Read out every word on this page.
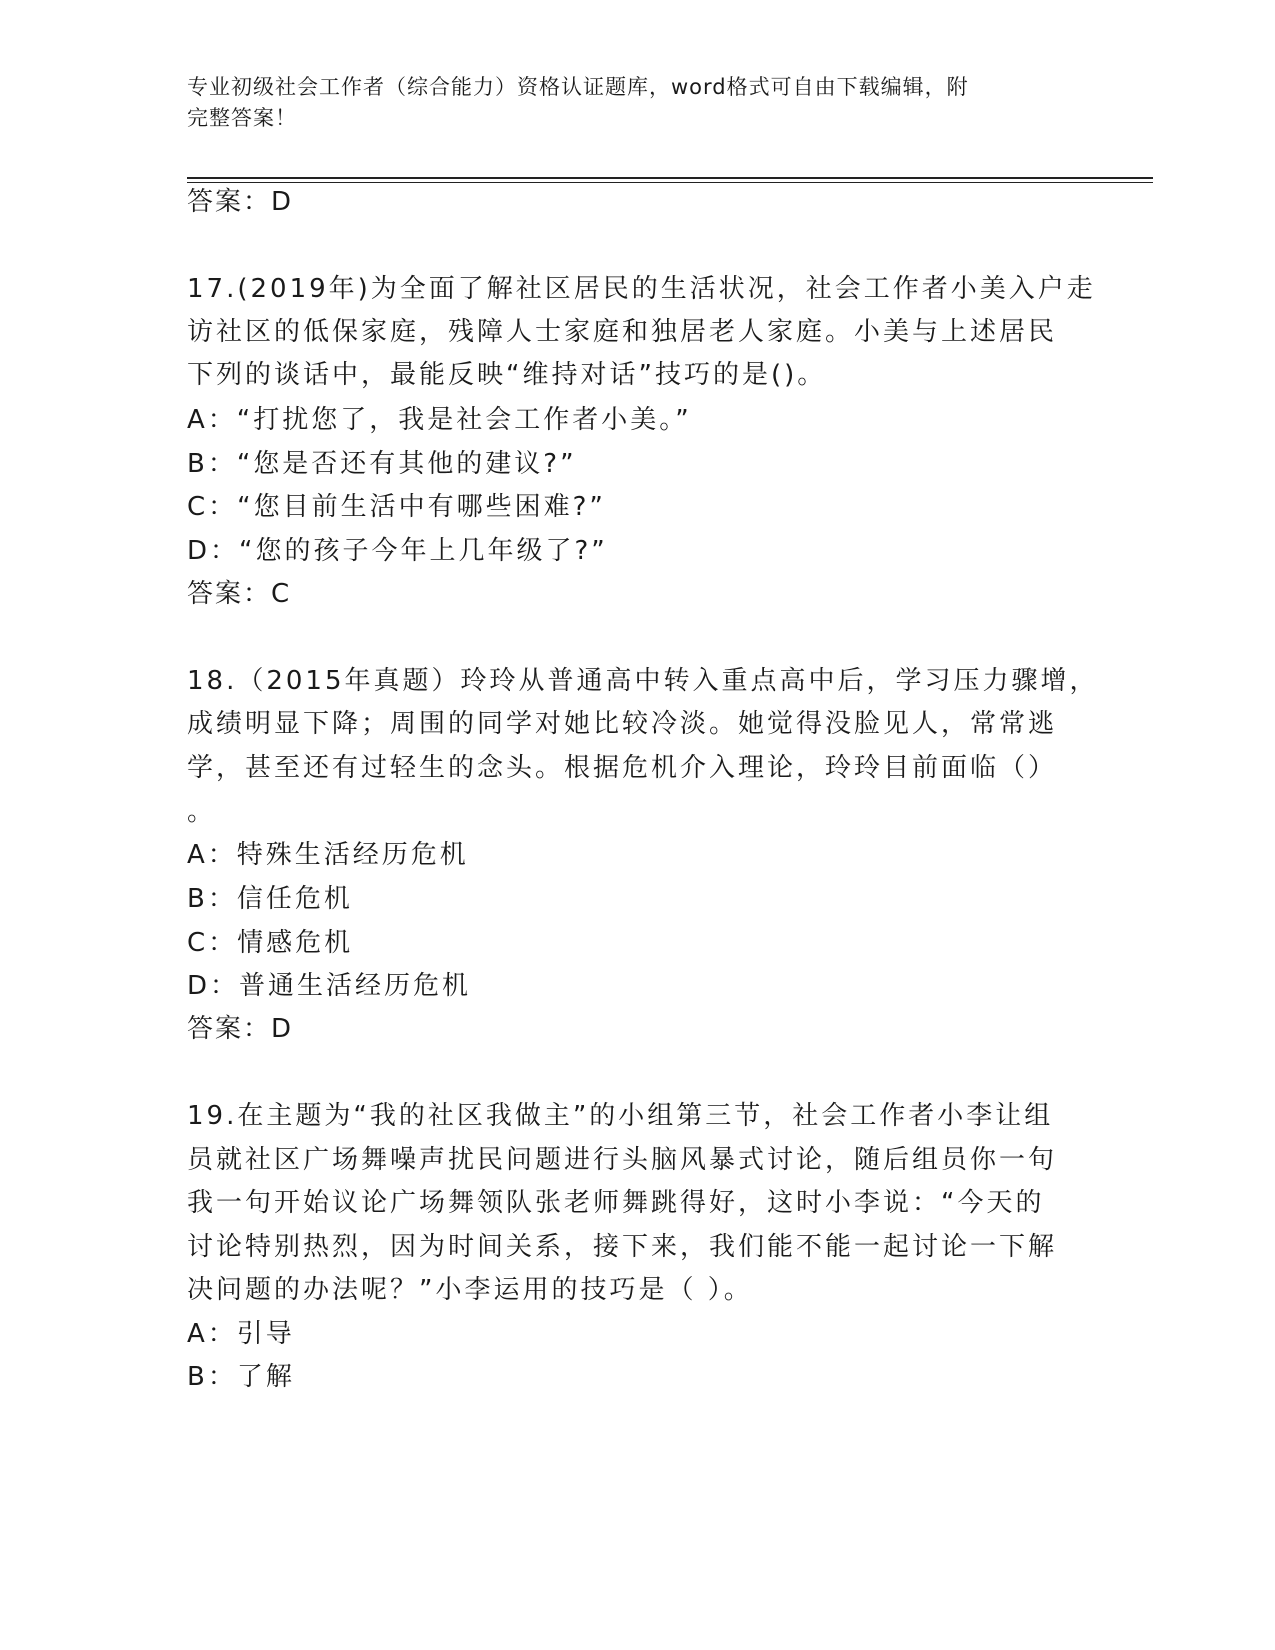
专业初级社会工作者（综合能力）资格认证题库，word格式可自由下载编辑，附
完整答案！
答案：D
17.(2019年)为全面了解社区居民的生活状况，社会工作者小美入户走
访社区的低保家庭，残障人士家庭和独居老人家庭。小美与上述居民
下列的谈话中，最能反映“维持对话”技巧的是()。
A：“打扰您了，我是社会工作者小美。”
B：“您是否还有其他的建议?”
C：“您目前生活中有哪些困难?”
D：“您的孩子今年上几年级了?”
答案：C
18.（2015年真题）玲玲从普通高中转入重点高中后，学习压力骤增，
成绩明显下降；周围的同学对她比较冷淡。她觉得没脸见人，常常逃
学，甚至还有过轻生的念头。根据危机介入理论，玲玲目前面临（）
。
A：特殊生活经历危机
B：信任危机
C：情感危机
D：普通生活经历危机
答案：D
19.在主题为“我的社区我做主”的小组第三节，社会工作者小李让组
员就社区广场舞噪声扰民问题进行头脑风暴式讨论，随后组员你一句
我一句开始议论广场舞领队张老师舞跳得好，这时小李说：“今天的
讨论特别热烈，因为时间关系，接下来，我们能不能一起讨论一下解
决问题的办法呢？”小李运用的技巧是（ ）。
A：引导
B：了解
